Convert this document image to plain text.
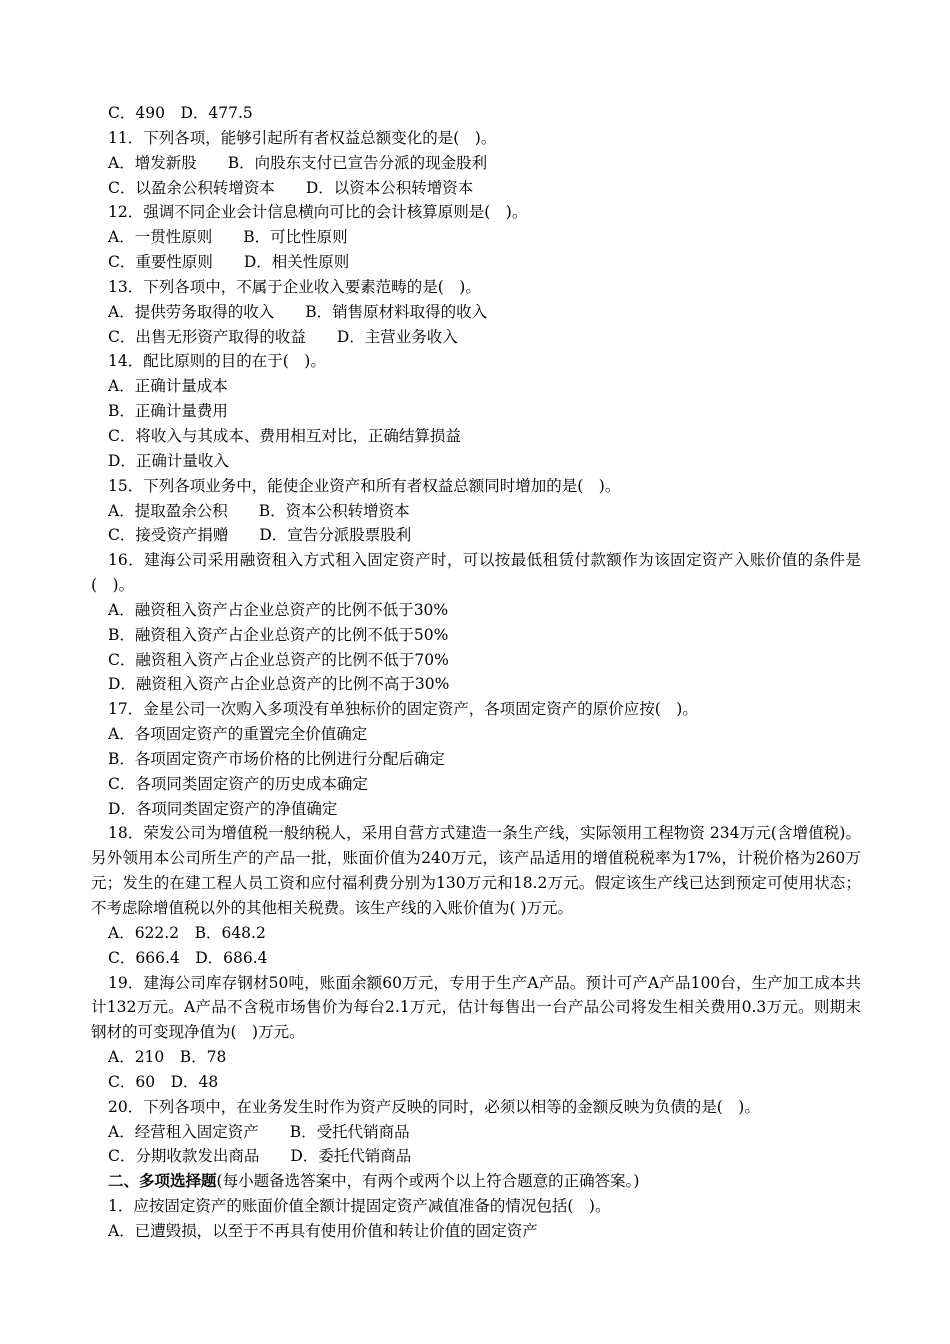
C．490　D．477.5
11．下列各项，能够引起所有者权益总额变化的是(　)。
A．增发新股　　B．向股东支付已宣告分派的现金股利
C．以盈余公积转增资本　　D．以资本公积转增资本
12．强调不同企业会计信息横向可比的会计核算原则是(　)。
A．一贯性原则　　B．可比性原则
C．重要性原则　　D．相关性原则
13．下列各项中，不属于企业收入要素范畴的是(　)。
A．提供劳务取得的收入　　B．销售原材料取得的收入
C．出售无形资产取得的收益　　D．主营业务收入
14．配比原则的目的在于(　)。
A．正确计量成本
B．正确计量费用
C．将收入与其成本、费用相互对比，正确结算损益
D．正确计量收入
15．下列各项业务中，能使企业资产和所有者权益总额同时增加的是(　)。
A．提取盈余公积　　B．资本公积转增资本
C．接受资产捐赠　　D．宣告分派股票股利
16．建海公司采用融资租入方式租入固定资产时，可以按最低租赁付款额作为该固定资产入账价值的条件是(　)。
A．融资租入资产占企业总资产的比例不低于30%
B．融资租入资产占企业总资产的比例不低于50%
C．融资租入资产占企业总资产的比例不低于70%
D．融资租入资产占企业总资产的比例不高于30%
17．金星公司一次购入多项没有单独标价的固定资产，各项固定资产的原价应按(　)。
A．各项固定资产的重置完全价值确定
B．各项固定资产市场价格的比例进行分配后确定
C．各项同类固定资产的历史成本确定
D．各项同类固定资产的净值确定
18．荣发公司为增值税一般纳税人，采用自营方式建造一条生产线，实际领用工程物资 234万元(含增值税)。另外领用本公司所生产的产品一批，账面价值为240万元，该产品适用的增值税税率为17%，计税价格为260万元；发生的在建工程人员工资和应付福利费分别为130万元和18.2万元。假定该生产线已达到预定可使用状态；不考虑除增值税以外的其他相关税费。该生产线的入账价值为( )万元。
A．622.2　B．648.2
C．666.4　D．686.4
19．建海公司库存钢材50吨，账面余额60万元，专用于生产A产品。预计可产A产品100台，生产加工成本共计132万元。A产品不含税市场售价为每台2.1万元，估计每售出一台产品公司将发生相关费用0.3万元。则期末钢材的可变现净值为(　)万元。
A．210　B．78
C．60　D．48
20．下列各项中，在业务发生时作为资产反映的同时，必须以相等的金额反映为负债的是(　)。
A．经营租入固定资产　　B．受托代销商品
C．分期收款发出商品　　D．委托代销商品
二、多项选择题(每小题备选答案中，有两个或两个以上符合题意的正确答案。)
1．应按固定资产的账面价值全额计提固定资产减值准备的情况包括(　)。
A．已遭毁损，以至于不再具有使用价值和转让价值的固定资产
